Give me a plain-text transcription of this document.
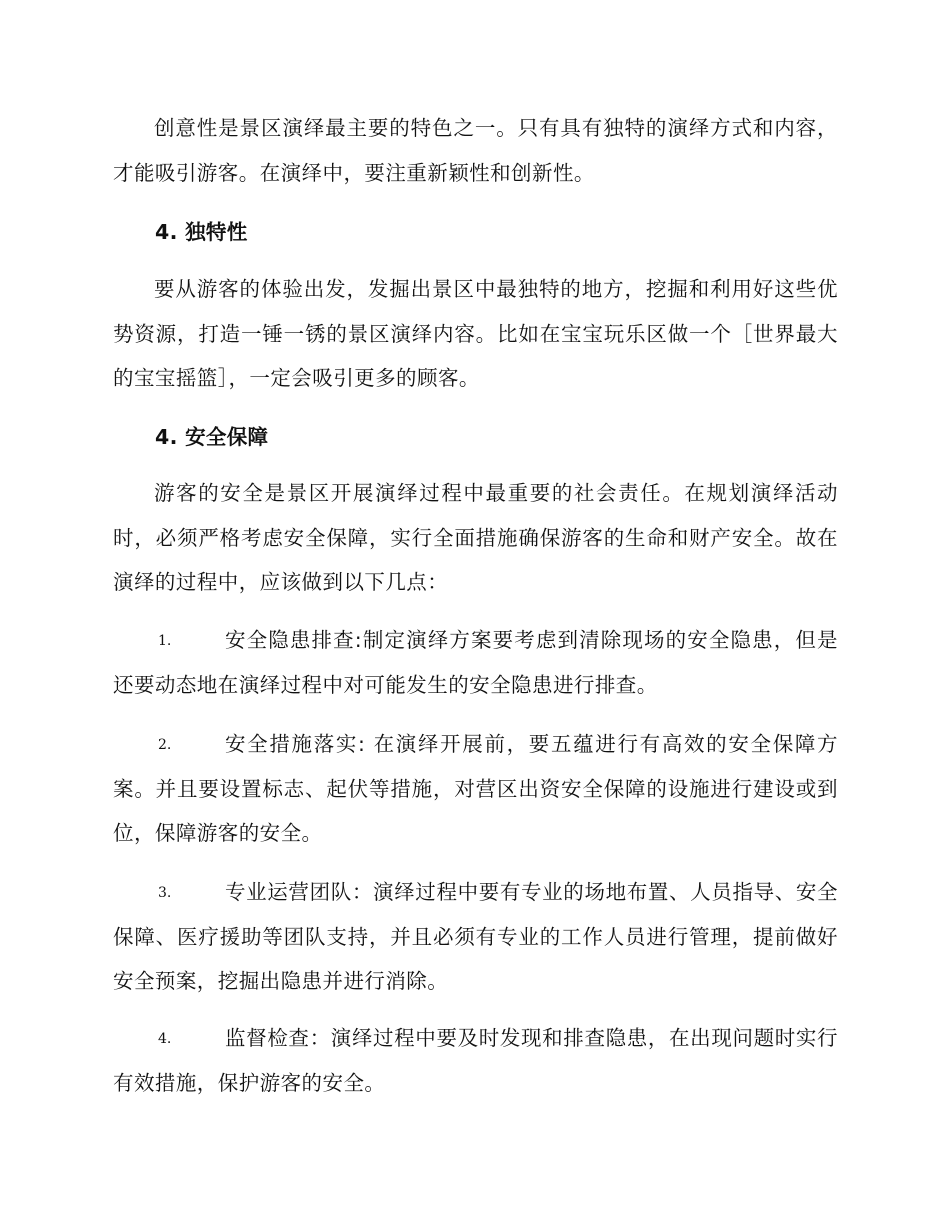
创意性是景区演绎最主要的特色之一。只有具有独特的演绎方式和内容，才能吸引游客。在演绎中，要注重新颖性和创新性。

4. 独特性

要从游客的体验出发，发掘出景区中最独特的地方，挖掘和利用好这些优势资源，打造一锤一锈的景区演绎内容。比如在宝宝玩乐区做一个［世界最大的宝宝摇篮］，一定会吸引更多的顾客。

4. 安全保障

游客的安全是景区开展演绎过程中最重要的社会责任。在规划演绎活动时，必须严格考虑安全保障，实行全面措施确保游客的生命和财产安全。故在演绎的过程中，应该做到以下几点：

1.	安全隐患排查:制定演绎方案要考虑到清除现场的安全隐患，但是还要动态地在演绎过程中对可能发生的安全隐患进行排查。

2.	安全措施落实: 在演绎开展前，要五蕴进行有高效的安全保障方案。并且要设置标志、起伏等措施，对营区出资安全保障的设施进行建设或到位，保障游客的安全。

3.	专业运营团队：演绎过程中要有专业的场地布置、人员指导、安全保障、医疗援助等团队支持，并且必须有专业的工作人员进行管理，提前做好安全预案，挖掘出隐患并进行消除。

4.	监督检查：演绎过程中要及时发现和排查隐患，在出现问题时实行有效措施，保护游客的安全。
